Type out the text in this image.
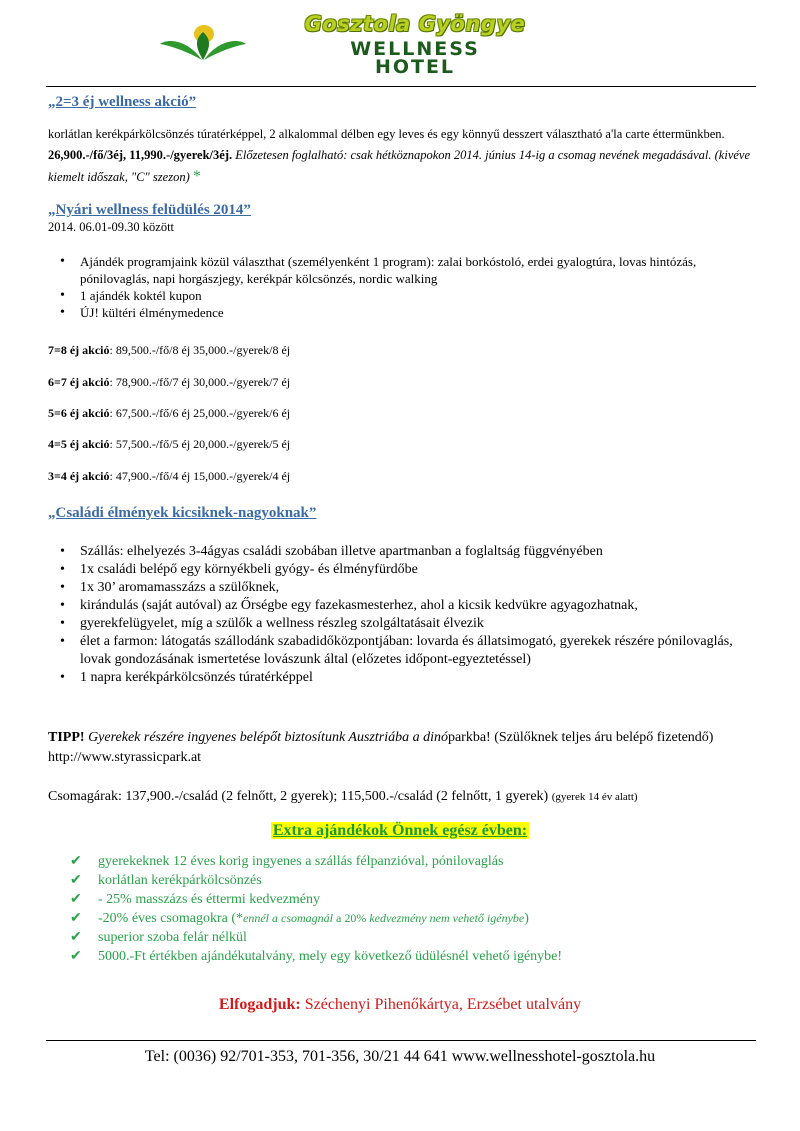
Gosztola Gyöngye
WELLNESS
HOTEL
„2=3 éj wellness akció”
korlátlan kerékpárkölcsönzés túratérképpel, 2 alkalommal délben egy leves és egy könnyű desszert választható a'la carte éttermünkben. 26,900.-/fő/3éj, 11,990.-/gyerek/3éj. Előzetesen foglalható: csak hétköznapokon 2014. június 14-ig a csomag nevének megadásával. (kivéve kiemelt időszak, "C" szezon) *
„Nyári wellness felüdülés 2014”
2014. 06.01-09.30 között
• Ajándék programjaink közül választhat (személyenként 1 program): zalai borkóstoló, erdei gyalogtúra, lovas hintózás, pónilovaglás, napi horgászjegy, kerékpár kölcsönzés, nordic walking
• 1 ajándék koktél kupon
• ÚJ! kültéri élménymedence
7=8 éj akció: 89,500.-/fő/8 éj 35,000.-/gyerek/8 éj
6=7 éj akció: 78,900.-/fő/7 éj 30,000.-/gyerek/7 éj
5=6 éj akció: 67,500.-/fő/6 éj 25,000.-/gyerek/6 éj
4=5 éj akció: 57,500.-/fő/5 éj 20,000.-/gyerek/5 éj
3=4 éj akció: 47,900.-/fő/4 éj 15,000.-/gyerek/4 éj
„Családi élmények kicsiknek-nagyoknak”
• Szállás: elhelyezés 3-4ágyas családi szobában illetve apartmanban a foglaltság függvényében
• 1x családi belépő egy környékbeli gyógy- és élményfürdőbe
• 1x 30’ aromamasszázs a szülőknek,
• kirándulás (saját autóval) az Őrségbe egy fazekasmesterhez, ahol a kicsik kedvükre agyagozhatnak,
• gyerekfelügyelet, míg a szülők a wellness részleg szolgáltatásait élvezik
• élet a farmon: látogatás szállodánk szabadidőközpontjában: lovarda és állatsimogató, gyerekek részére pónilovaglás, lovak gondozásának ismertetése lovászunk által (előzetes időpont-egyeztetéssel)
• 1 napra kerékpárkölcsönzés túratérképpel
TIPP! Gyerekek részére ingyenes belépőt biztosítunk Ausztriába a dinóparkba! (Szülőknek teljes áru belépő fizetendő) http://www.styrassicpark.at
Csomagárak: 137,900.-/család (2 felnőtt, 2 gyerek); 115,500.-/család (2 felnőtt, 1 gyerek) (gyerek 14 év alatt)
Extra ajándékok Önnek egész évben:
✔ gyerekeknek 12 éves korig ingyenes a szállás félpanzióval, pónilovaglás
✔ korlátlan kerékpárkölcsönzés
✔ - 25% masszázs és éttermi kedvezmény
✔ -20% éves csomagokra (*ennél a csomagnál a 20% kedvezmény nem vehető igénybe)
✔ superior szoba felár nélkül
✔ 5000.-Ft értékben ajándékutalvány, mely egy következő üdülésnél vehető igénybe!
Elfogadjuk: Széchenyi Pihenőkártya, Erzsébet utalvány
Tel: (0036) 92/701-353, 701-356, 30/21 44 641 www.wellnesshotel-gosztola.hu
